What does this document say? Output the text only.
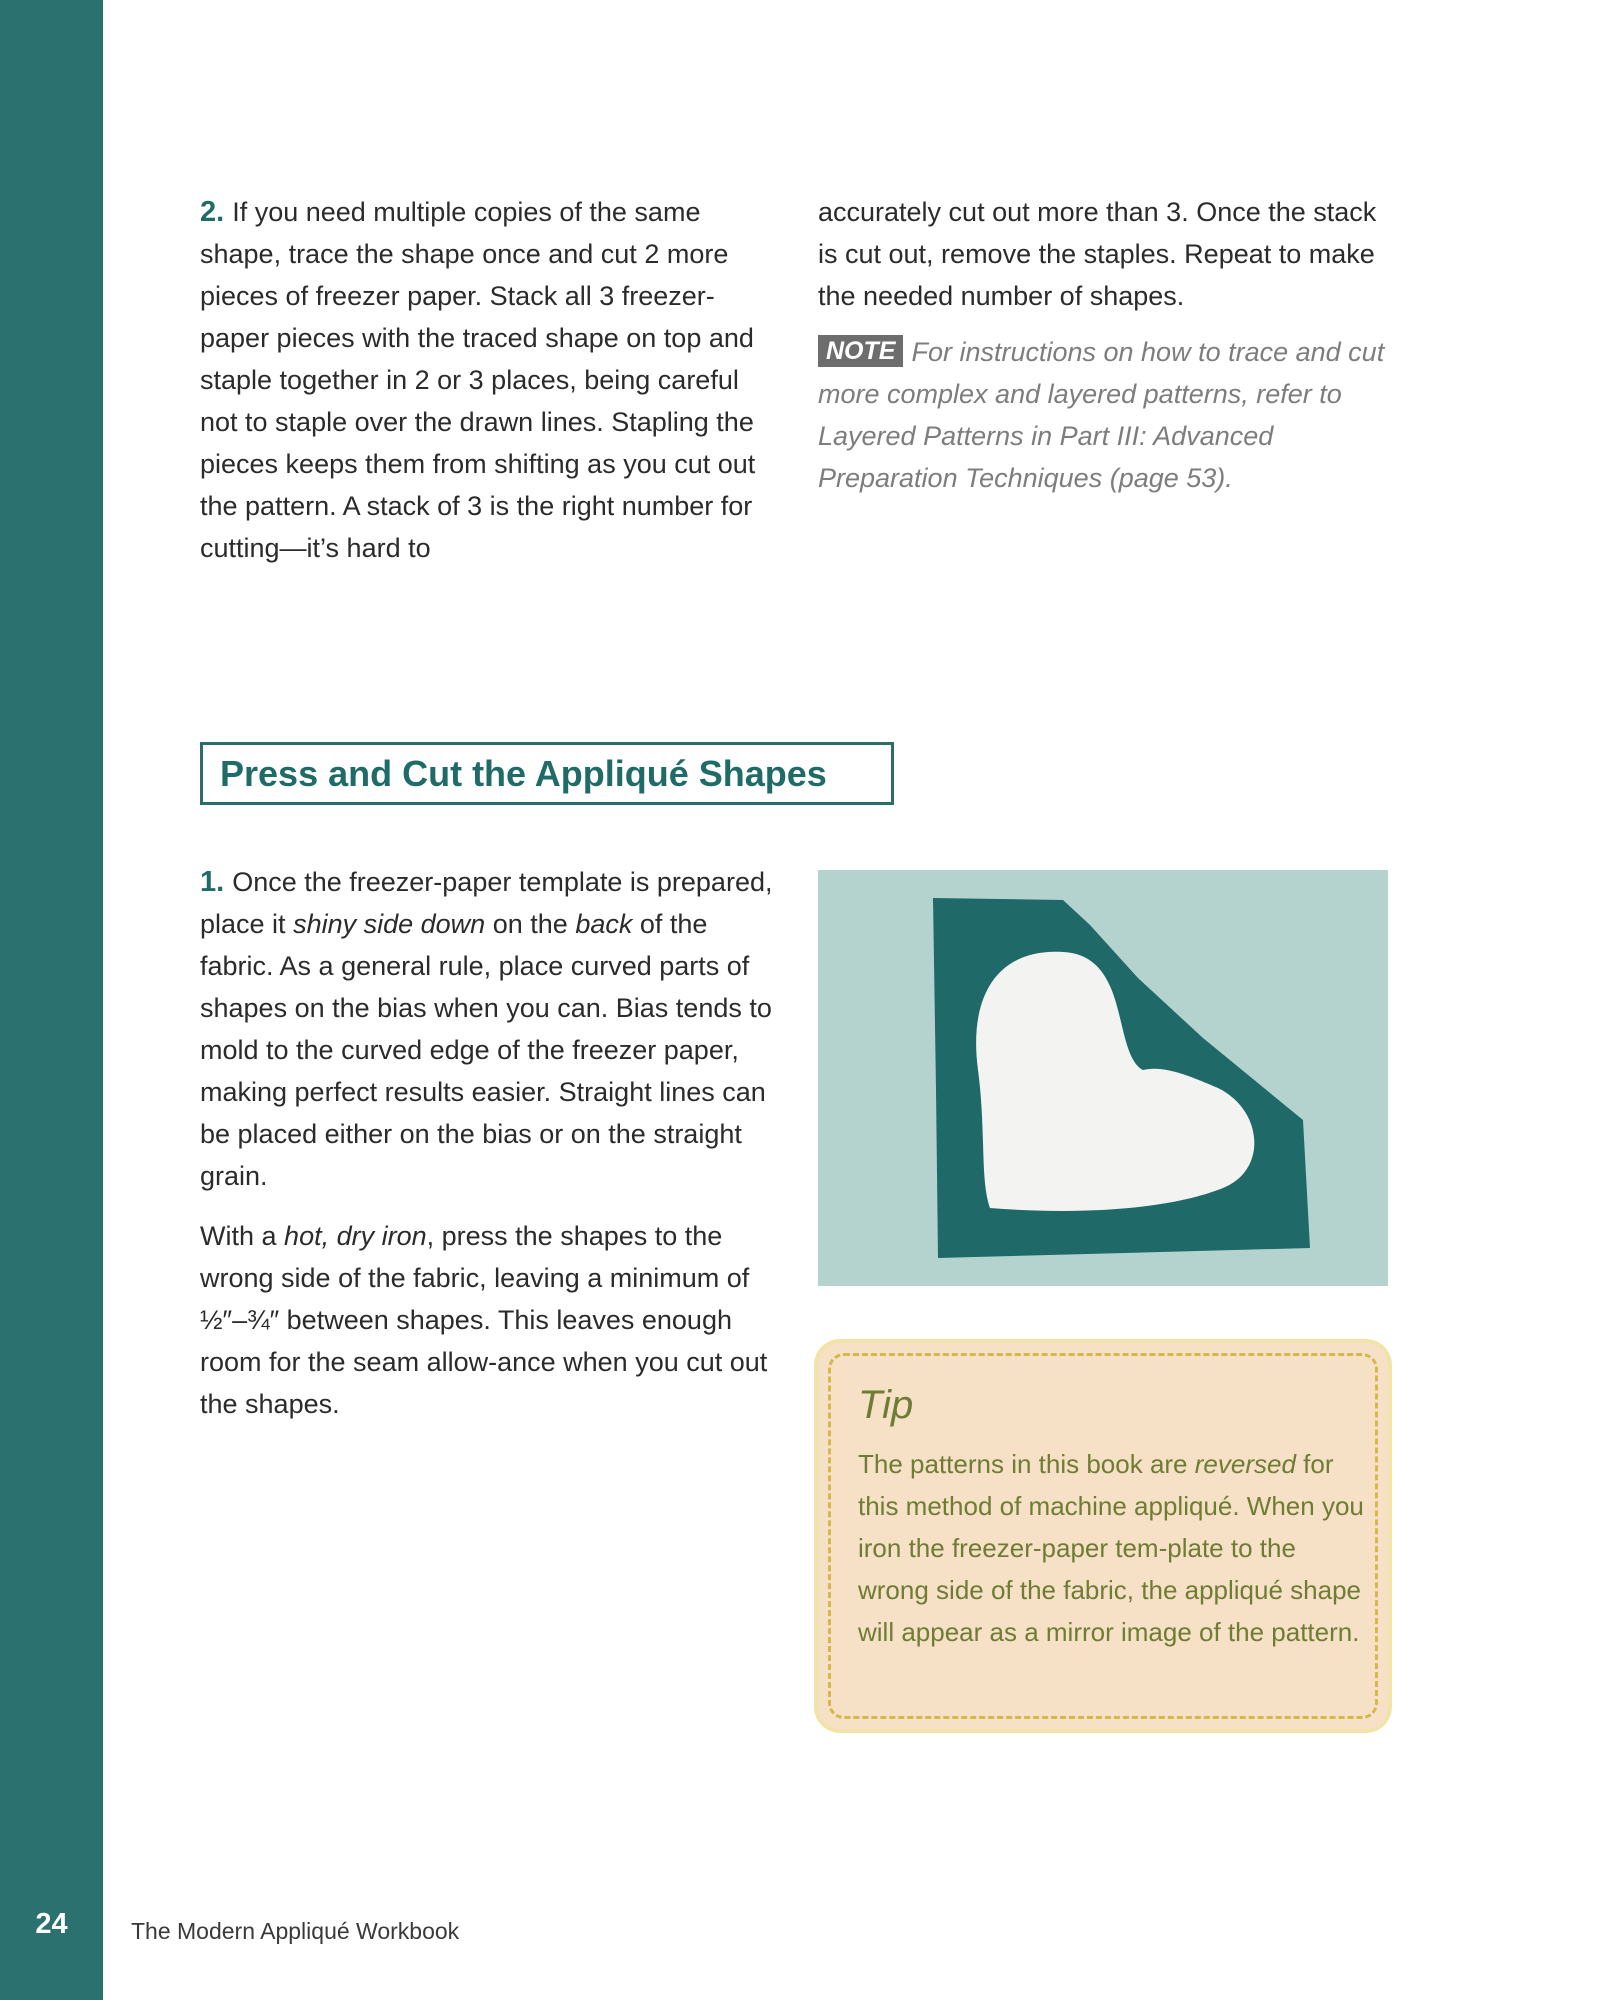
24	The Modern Appliqué Workbook

2. If you need multiple copies of the same shape, trace the shape once and cut 2 more pieces of freezer paper. Stack all 3 freezer-paper pieces with the traced shape on top and staple together in 2 or 3 places, being careful not to staple over the drawn lines. Stapling the pieces keeps them from shifting as you cut out the pattern. A stack of 3 is the right number for cutting—it’s hard to

accurately cut out more than 3. Once the stack is cut out, remove the staples. Repeat to make the needed number of shapes.

NOTE For instructions on how to trace and cut more complex and layered patterns, refer to Layered Patterns in Part III: Advanced Preparation Techniques (page 53).

Press and Cut the Appliqué Shapes

1. Once the freezer-paper template is prepared, place it shiny side down on the back of the fabric. As a general rule, place curved parts of shapes on the bias when you can. Bias tends to mold to the curved edge of the freezer paper, making perfect results easier. Straight lines can be placed either on the bias or on the straight grain.

With a hot, dry iron, press the shapes to the wrong side of the fabric, leaving a minimum of ½″–¾″ between shapes. This leaves enough room for the seam allow-ance when you cut out the shapes.	Tip

The patterns in this book are reversed for this method of machine appliqué. When you iron the freezer-paper tem-plate to the wrong side of the fabric, the appliqué shape will appear as a mirror image of the pattern.
